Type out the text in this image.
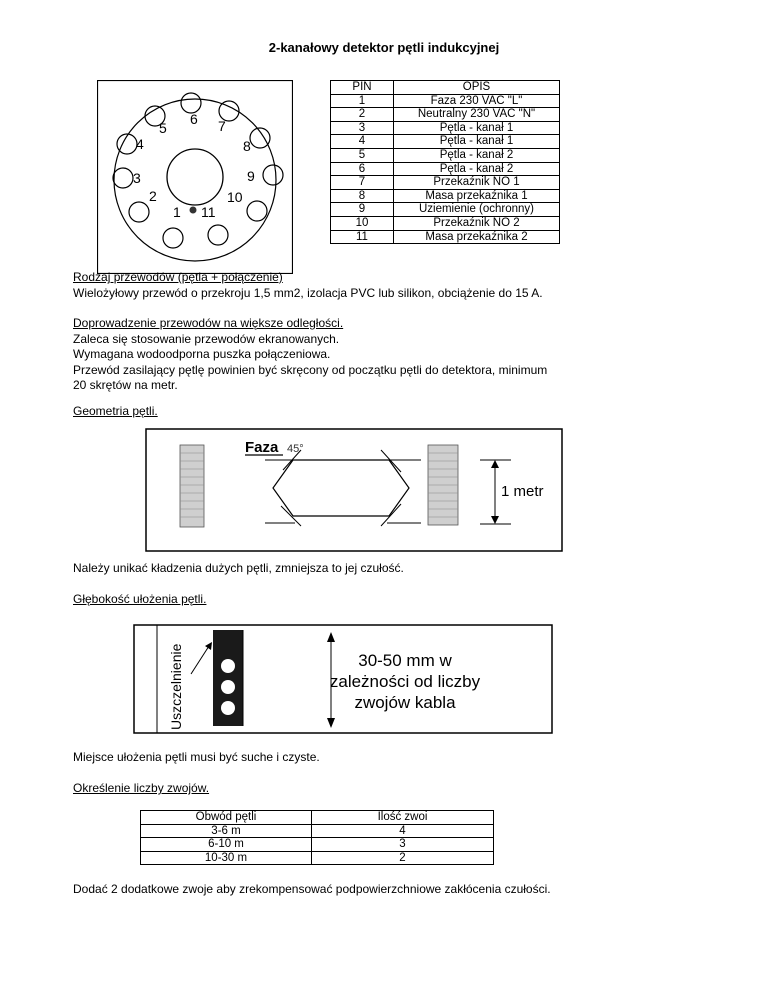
2-kanałowy detektor pętli indukcyjnej
1
2
3
4
5
6 7
8
9
10
11
PIN	OPIS
1	Faza 230 VAC "L"
2	Neutralny 230 VAC "N"
3	Pętla - kanał 1
4	Pętla - kanał 1
5	Pętla - kanał 2
6	Pętla - kanał 2
7	Przekaźnik NO 1
8	Masa przekaźnika 1
9	Uziemienie (ochronny)
10	Przekaźnik NO 2
11	Masa przekaźnika 2
Rodzaj przewodów (pętla + połączenie)
Wielożyłowy przewód o przekroju 1,5 mm2, izolacja PVC lub silikon, obciążenie do 15 A.
Doprowadzenie przewodów na większe odległości.
Zaleca się stosowanie przewodów ekranowanych.
Wymagana wodoodporna puszka połączeniowa.
Przewód zasilający pętlę powinien być skręcony od początku pętli do detektora, minimum
20 skrętów na metr.
Geometria pętli.
Faza 45°
1 metr
Należy unikać kładzenia dużych pętli, zmniejsza to jej czułość.
Głębokość ułożenia pętli.
Uszczelnienie	30-50 mm w
zależności od liczby
zwojów kabla
Miejsce ułożenia pętli musi być suche i czyste.
Określenie liczby zwojów.
Obwód pętli	Ilość zwoi
3-6 m	4
6-10 m	3
10-30 m	2
Dodać 2 dodatkowe zwoje aby zrekompensować podpowierzchniowe zakłócenia czułości.
